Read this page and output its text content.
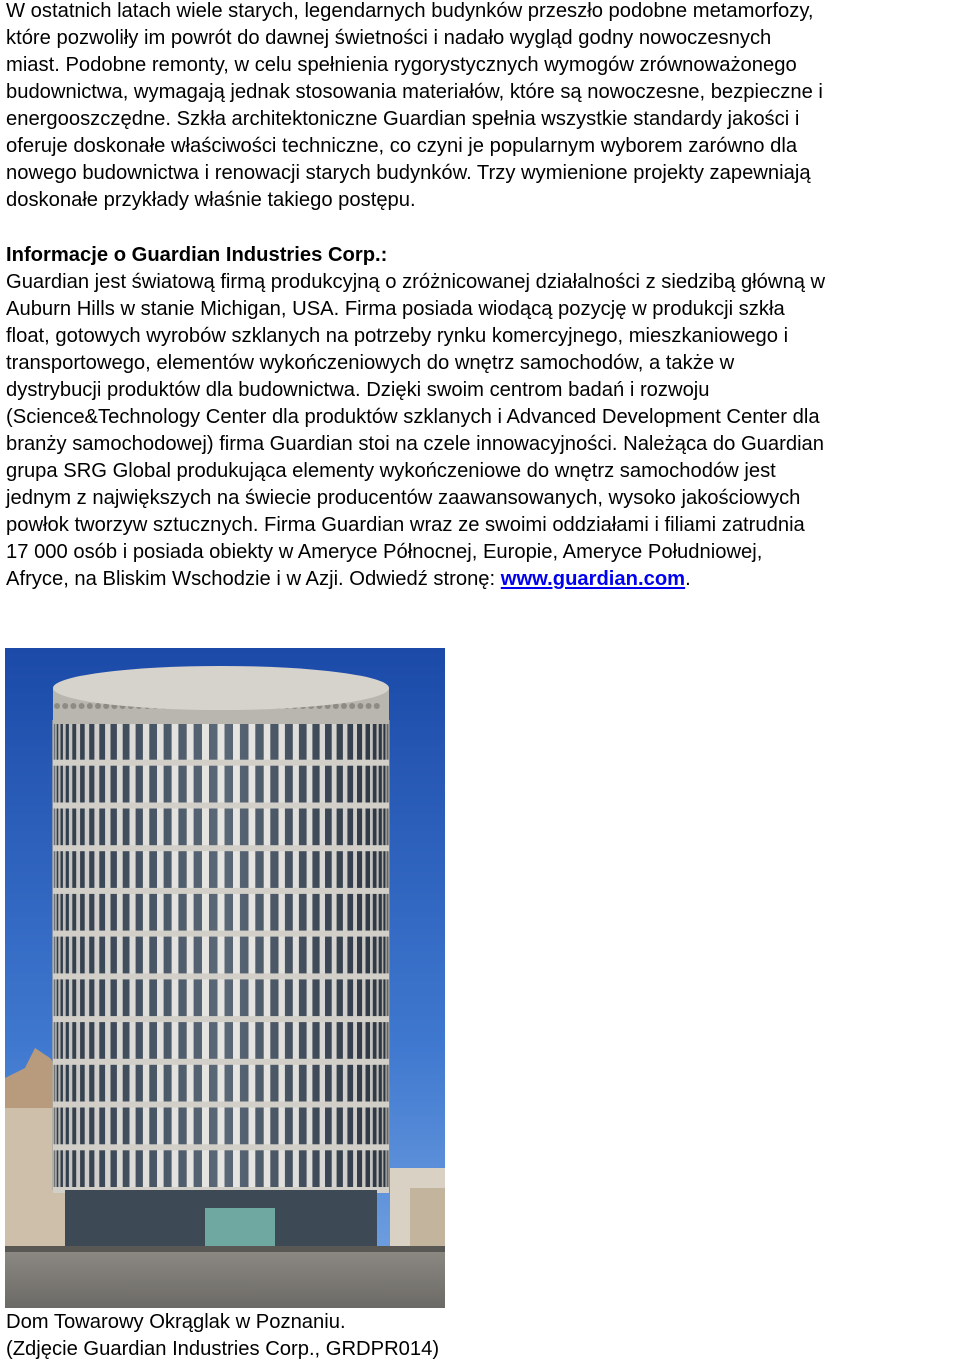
W ostatnich latach wiele starych, legendarnych budynków przeszło podobne metamorfozy,
które pozwoliły im powrót do dawnej świetności i nadało wygląd godny nowoczesnych
miast. Podobne remonty, w celu spełnienia rygorystycznych wymogów zrównoważonego
budownictwa, wymagają jednak stosowania materiałów, które są nowoczesne, bezpieczne i
energooszczędne. Szkła architektoniczne Guardian spełnia wszystkie standardy jakości i
oferuje doskonałe właściwości techniczne, co czyni je popularnym wyborem zarówno dla
nowego budownictwa i renowacji starych budynków. Trzy wymienione projekty zapewniają
doskonałe przykłady właśnie takiego postępu.

Informacje o Guardian Industries Corp.:

Guardian jest światową firmą produkcyjną o zróżnicowanej działalności z siedzibą główną w
Auburn Hills w stanie Michigan, USA. Firma posiada wiodącą pozycję w produkcji szkła
float, gotowych wyrobów szklanych na potrzeby rynku komercyjnego, mieszkaniowego i
transportowego, elementów wykończeniowych do wnętrz samochodów, a także w
dystrybucji produktów dla budownictwa. Dzięki swoim centrom badań i rozwoju
(Science&Technology Center dla produktów szklanych i Advanced Development Center dla
branży samochodowej) firma Guardian stoi na czele innowacyjności. Należąca do Guardian
grupa SRG Global produkująca elementy wykończeniowe do wnętrz samochodów jest
jednym z największych na świecie producentów zaawansowanych, wysoko jakościowych
powłok tworzyw sztucznych. Firma Guardian wraz ze swoimi oddziałami i filiami zatrudnia
17 000 osób i posiada obiekty w Ameryce Północnej, Europie, Ameryce Południowej,
Afryce, na Bliskim Wschodzie i w Azji. Odwiedź stronę: www.guardian.com.

Dom Towarowy Okrąglak w Poznaniu.
(Zdjęcie Guardian Industries Corp., GRDPR014)
